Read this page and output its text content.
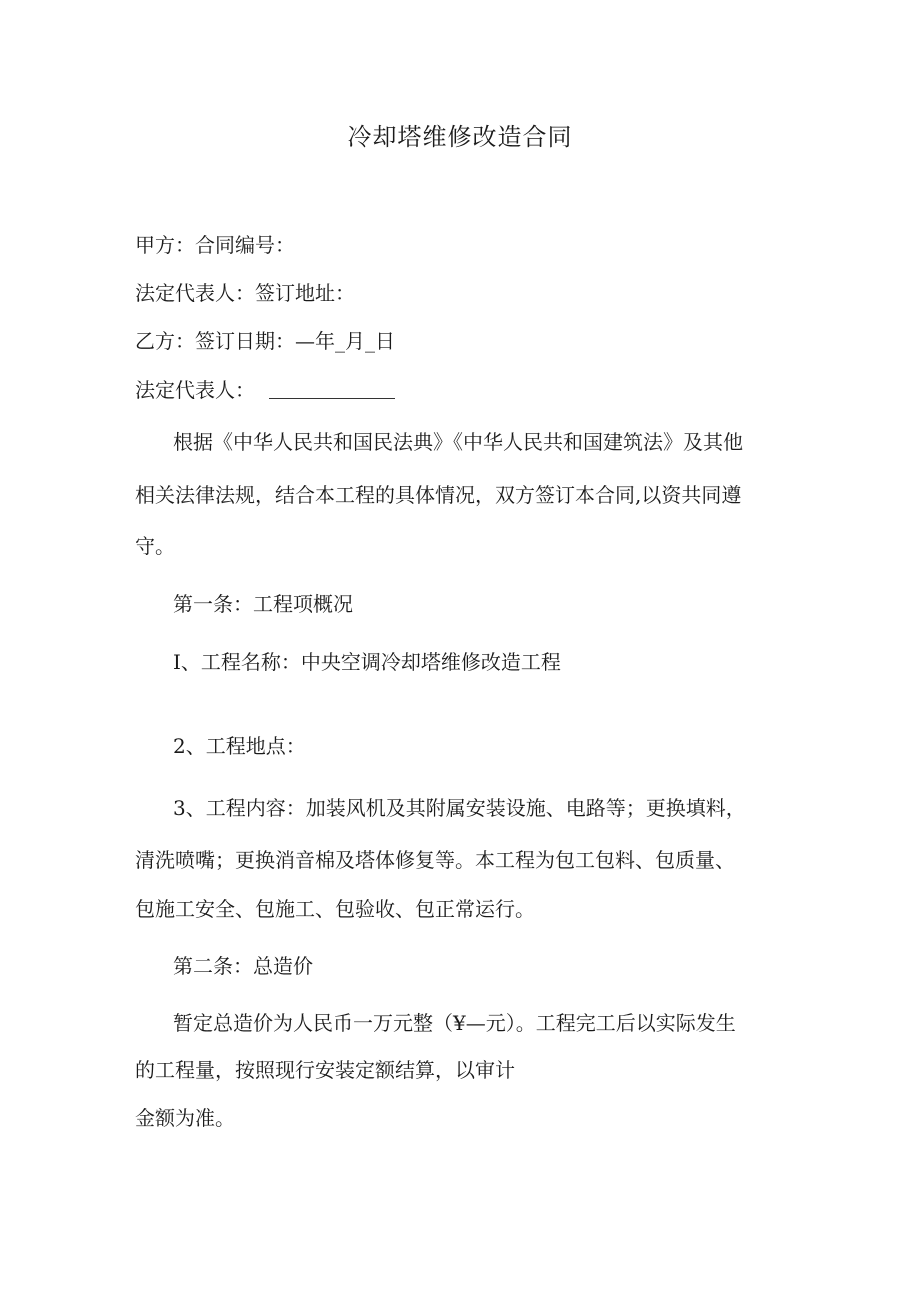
冷却塔维修改造合同

甲方：合同编号：

法定代表人：签订地址：

乙方：签订日期：—年_月_日

法定代表人：

根据《中华人民共和国民法典》《中华人民共和国建筑法》及其他

相关法律法规，结合本工程的具体情况，双方签订本合同,以资共同遵

守。

第一条：工程项概况

I、工程名称：中央空调冷却塔维修改造工程

2、工程地点：

3、工程内容：加装风机及其附属安装设施、电路等；更换填料，

清洗喷嘴；更换消音棉及塔体修复等。本工程为包工包料、包质量、

包施工安全、包施工、包验收、包正常运行。

第二条：总造价

暂定总造价为人民币一万元整（¥—元）。工程完工后以实际发生

的工程量，按照现行安装定额结算，以审计

金额为准。
